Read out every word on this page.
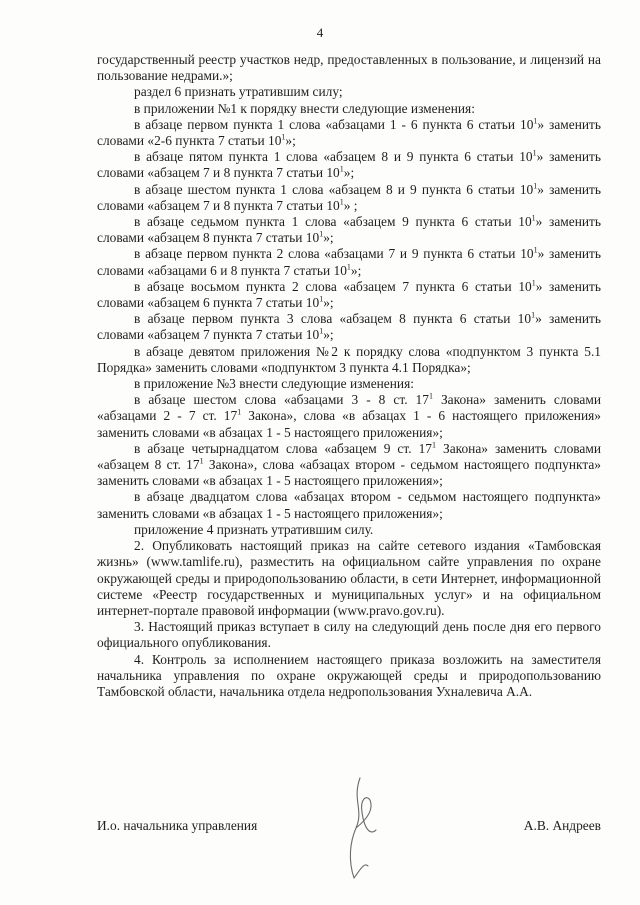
4

государственный реестр участков недр, предоставленных в пользование, и лицензий на пользование недрами.»;

раздел 6 признать утратившим силу;

в приложении №1 к порядку внести следующие изменения:

в абзаце первом пункта 1 слова «абзацами 1 - 6 пункта 6 статьи $10^1$» заменить словами «2-6 пункта 7 статьи $10^1$»;

в абзаце пятом пункта 1 слова «абзацем 8 и 9 пункта 6 статьи $10^1$» заменить словами «абзацем 7 и 8 пункта 7 статьи $10^1$»;

в абзаце шестом пункта 1 слова «абзацем 8 и 9 пункта 6 статьи $10^1$» заменить словами «абзацем 7 и 8 пункта 7 статьи $10^1$» ;

в абзаце седьмом пункта 1 слова «абзацем 9 пункта 6 статьи $10^1$» заменить словами «абзацем 8 пункта 7 статьи $10^1$»;

в абзаце первом пункта 2 слова «абзацами 7 и 9 пункта 6 статьи $10^1$» заменить словами «абзацами 6 и 8 пункта 7 статьи $10^1$»;

в абзаце восьмом пункта 2 слова «абзацем 7 пункта 6 статьи $10^1$» заменить словами «абзацем 6 пункта 7 статьи $10^1$»;

в абзаце первом пункта 3 слова «абзацем 8 пункта 6 статьи $10^1$» заменить словами «абзацем 7 пункта 7 статьи $10^1$»;

в абзаце девятом приложения №2 к порядку слова «подпунктом 3 пункта 5.1 Порядка» заменить словами «подпунктом 3 пункта 4.1 Порядка»;

в приложение №3 внести следующие изменения:

в абзаце шестом слова «абзацами 3 - 8 ст. $17^1$ Закона» заменить словами «абзацами 2 - 7 ст. $17^1$ Закона», слова «в абзацах 1 - 6 настоящего приложения» заменить словами «в абзацах 1 - 5 настоящего приложения»;

в абзаце четырнадцатом слова «абзацем 9 ст. $17^1$ Закона» заменить словами «абзацем 8 ст. $17^1$ Закона», слова «абзацах втором - седьмом настоящего подпункта» заменить словами «в абзацах 1 - 5 настоящего приложения»;

в абзаце двадцатом слова «абзацах втором - седьмом настоящего подпункта» заменить словами «в абзацах 1 - 5 настоящего приложения»;

приложение 4 признать утратившим силу.

2. Опубликовать настоящий приказ на сайте сетевого издания «Тамбовская жизнь» (www.tamlife.ru), разместить на официальном сайте управления по охране окружающей среды и природопользованию области, в сети Интернет, информационной системе «Реестр государственных и муниципальных услуг» и на официальном интернет-портале правовой информации (www.pravo.gov.ru).

3. Настоящий приказ вступает в силу на следующий день после дня его первого официального опубликования.

4. Контроль за исполнением настоящего приказа возложить на заместителя начальника управления по охране окружающей среды и природопользованию Тамбовской области, начальника отдела недропользования Ухналевича А.А.

И.о. начальника управления	А.В. Андреев
